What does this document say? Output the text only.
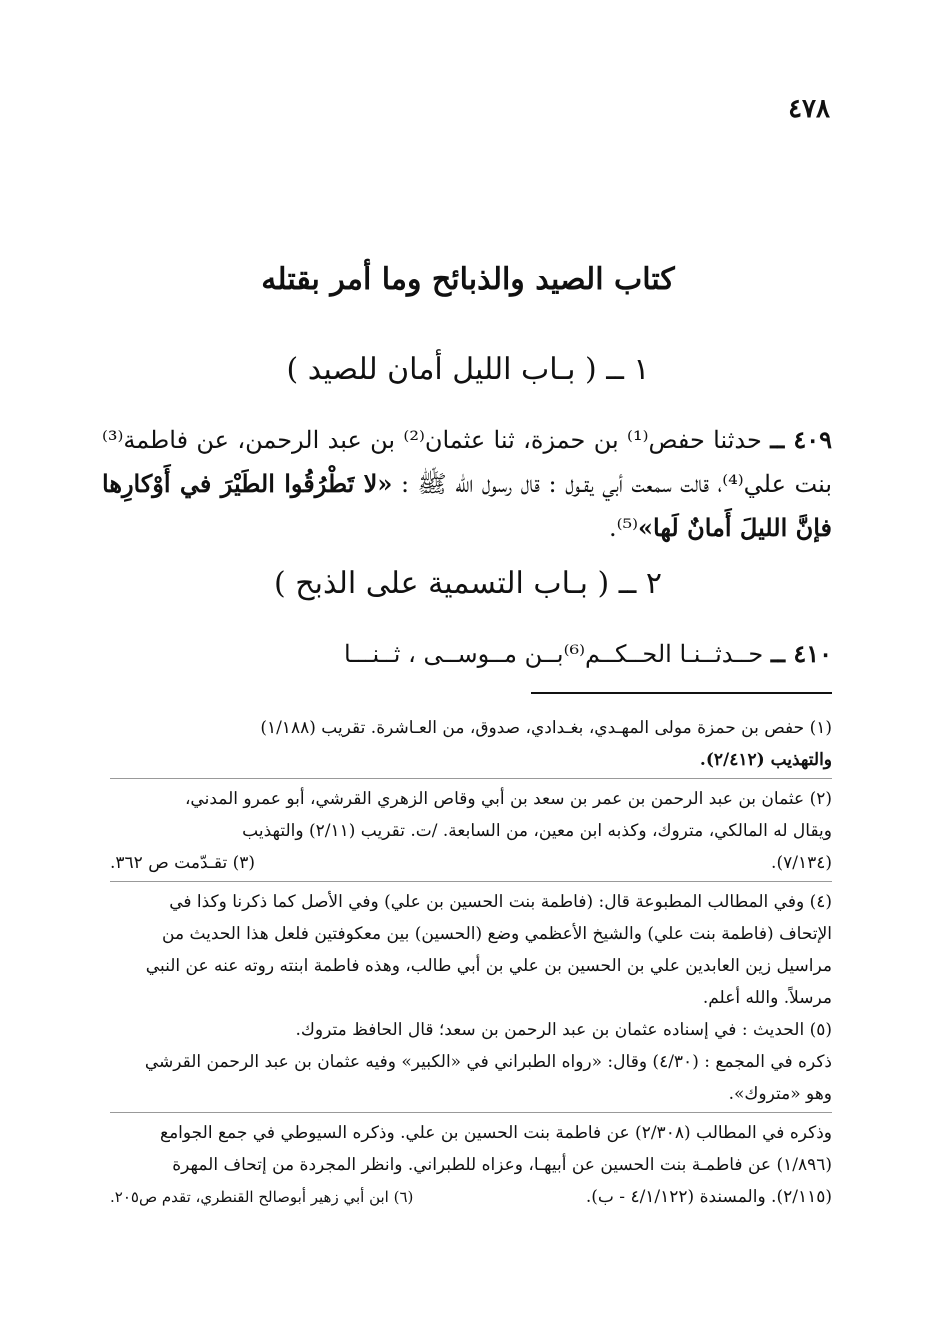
٤٧٨
كتاب الصيد والذبائح وما أمر بقتله
١ ــ ( بـاب الليل أمان للصيد )
٤٠٩ ــ حدثنا حفص⁽¹⁾ بن حمزة، ثنا عثمان⁽²⁾ بن عبد الرحمن، عن فاطمة⁽³⁾ بنت علي⁽⁴⁾، قالت سمعت أبي يقـول : قال رسول الله ﷺ : «لا تَطْرُقُوا الطَيْرَ في أَوْكارِها فإنَّ الليلَ أَمانٌ لَها»⁽⁵⁾.
٢ ــ ( بـاب التسمية على الذبح )
٤١٠ ــ حــدثــنـا الحــكــم⁽⁶⁾بــن مــوســى ، ثــنـــا

(١) حفص بن حمزة مولى المهـدي، بغـدادي، صدوق، من العـاشرة. تقريب (١/١٨٨)

والتهذيب (٢/٤١٢).

(٢) عثمان بن عبد الرحمن بن عمر بن سعد بن أبي وقاص الزهري القرشي، أبو عمرو المدني،

ويقال له المالكي، متروك، وكذبه ابن معين، من السابعة. /ت. تقريب (٢/١١) والتهذيب

(٧/١٣٤).
(٣) تقـدّمت ص ٣٦٢.

(٤) وفي المطالب المطبوعة قال: (فاطمة بنت الحسين بن علي) وفي الأصل كما ذكرنا وكذا في

الإتحاف (فاطمة بنت علي) والشيخ الأعظمي وضع (الحسين) بين معكوفتين فلعل هذا الحديث من

مراسيل زين العابدين علي بن الحسين بن علي بن أبي طالب، وهذه فاطمة ابنته روته عنه عن النبي

مرسلاً. والله أعلم.

(٥) الحديث : في إسناده عثمان بن عبد الرحمن بن سعد؛ قال الحافظ متروك.

ذكره في المجمع : (٤/٣٠) وقال: «رواه الطبراني في «الكبير» وفيه عثمان بن عبد الرحمن القرشي

وهو «متروك».

وذكره في المطالب (٢/٣٠٨) عن فاطمة بنت الحسين بن علي. وذكره السيوطي في جمع الجوامع

(١/٨٩٦) عن فاطمـة بنت الحسين عن أبيهـا، وعزاه للطبراني. وانظر المجردة من إتحاف المهرة

(٢/١١٥). والمسندة (٤/١/١٢٢ - ب).
(٦) ابن أبي زهير أبوصالح القنطري، تقدم ص٢٠٥.
